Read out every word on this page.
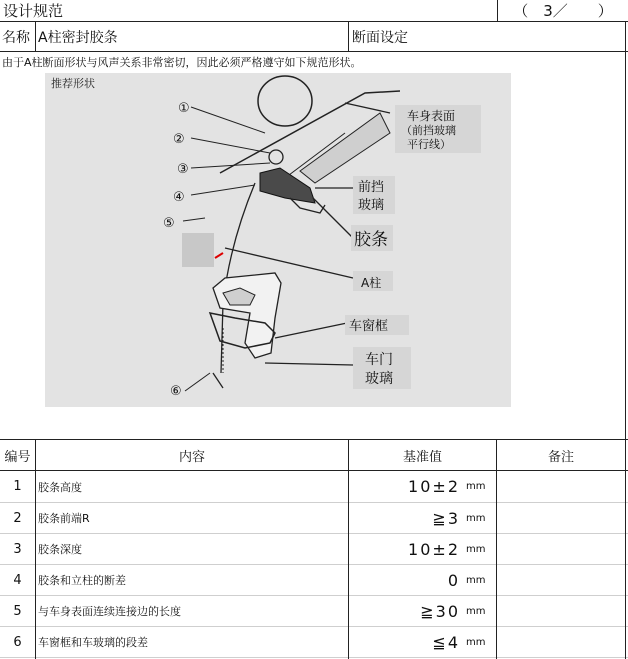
设计规范	（　3／　　）
名称 A柱密封胶条	断面设定
由于A柱断面形状与风声关系非常密切，因此必须严格遵守如下规范形状。
推荐形状
①
②
③
④
⑤
⑥
车身表面
（前挡玻璃
平行线）
前挡
玻璃
胶条
A柱
车窗框
车门
玻璃
编号	内容	基准值	备注
1	胶条高度	10±2 mm
2	胶条前端R	≧3 mm
3	胶条深度	10±2 mm
4	胶条和立柱的断差	0 mm
5	与车身表面连续连接边的长度	≧30 mm
6	车窗框和车玻璃的段差	≦4 mm
